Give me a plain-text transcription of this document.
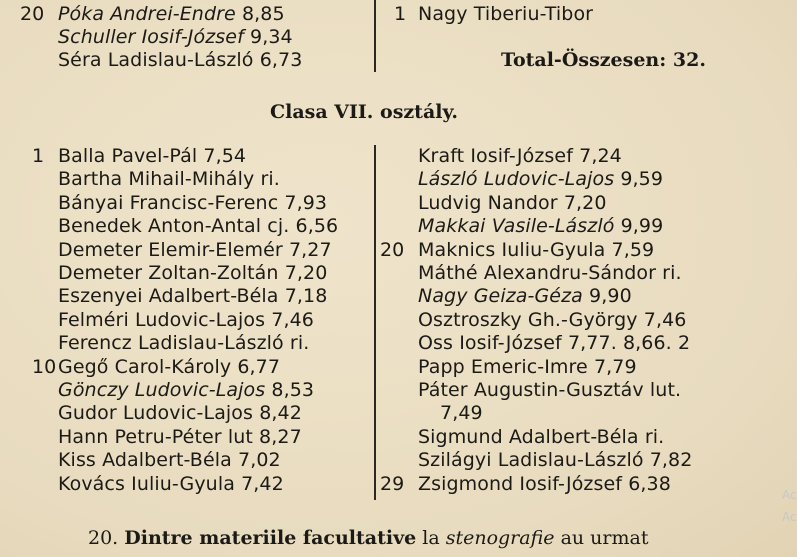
20 Póka Andrei-Endre 8,85
Schuller Iosif-József 9,34
Séra Ladislau-László 6,73
1 Nagy Tiberiu-Tibor
Total-Összesen: 32.
Clasa VII. osztály.
1 Balla Pavel-Pál 7,54
Bartha Mihail-Mihály ri.
Bányai Francisc-Ferenc 7,93
Benedek Anton-Antal cj. 6,56
Demeter Elemir-Elemér 7,27
Demeter Zoltan-Zoltán 7,20
Eszenyei Adalbert-Béla 7,18
Felméri Ludovic-Lajos 7,46
Ferencz Ladislau-László ri.
10 Gegő Carol-Károly 6,77
Gönczy Ludovic-Lajos 8,53
Gudor Ludovic-Lajos 8,42
Hann Petru-Péter lut 8,27
Kiss Adalbert-Béla 7,02
Kovács Iuliu-Gyula 7,42
Kraft Iosif-József 7,24
László Ludovic-Lajos 9,59
Ludvig Nandor 7,20
Makkai Vasile-László 9,99
20 Maknics Iuliu-Gyula 7,59
Máthé Alexandru-Sándor ri.
Nagy Geiza-Géza 9,90
Osztroszky Gh.-György 7,46
Oss Iosif-József 7,77. 8,66. 2
Papp Emeric-Imre 7,79
Páter Augustin-Gusztáv lut.
7,49
Sigmund Adalbert-Béla ri.
Szilágyi Ladislau-László 7,82
29 Zsigmond Iosif-József 6,38
20. Dintre materiile facultative la stenografie au urmat
Ac
Ac
